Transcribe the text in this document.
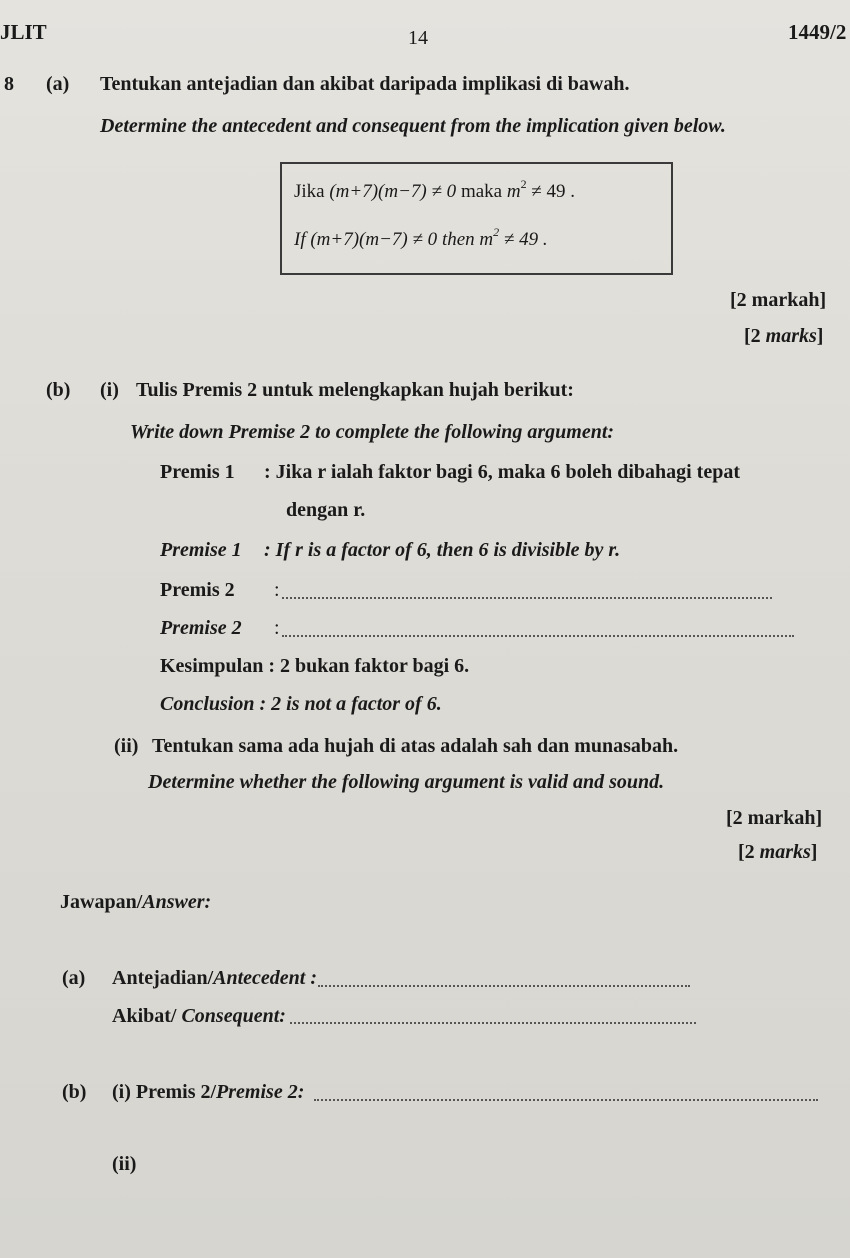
JLIT	14	1449/2
8 (a) Tentukan antejadian dan akibat daripada implikasi di bawah.
Determine the antecedent and consequent from the implication given below.
Jika (m+7)(m−7) ≠ 0 maka $m^2 \ne 49$ .
If (m+7)(m−7) ≠ 0 then $m^2 \ne 49$ .
[2 markah]
[2 marks]
(b) (i) Tulis Premis 2 untuk melengkapkan hujah berikut:
Write down Premise 2 to complete the following argument:
Premis 1 : Jika r ialah faktor bagi 6, maka 6 boleh dibahagi tepat
dengan r.
Premise 1 : If r is a factor of 6, then 6 is divisible by r.
Premis 2 :
Premise 2 :
Kesimpulan : 2 bukan faktor bagi 6.
Conclusion : 2 is not a factor of 6.
(ii) Tentukan sama ada hujah di atas adalah sah dan munasabah.
Determine whether the following argument is valid and sound.
[2 markah]
[2 marks]
Jawapan/Answer:
(a) Antejadian/Antecedent :
Akibat/ Consequent:
(b) (i) Premis 2/Premise 2:
(ii)
